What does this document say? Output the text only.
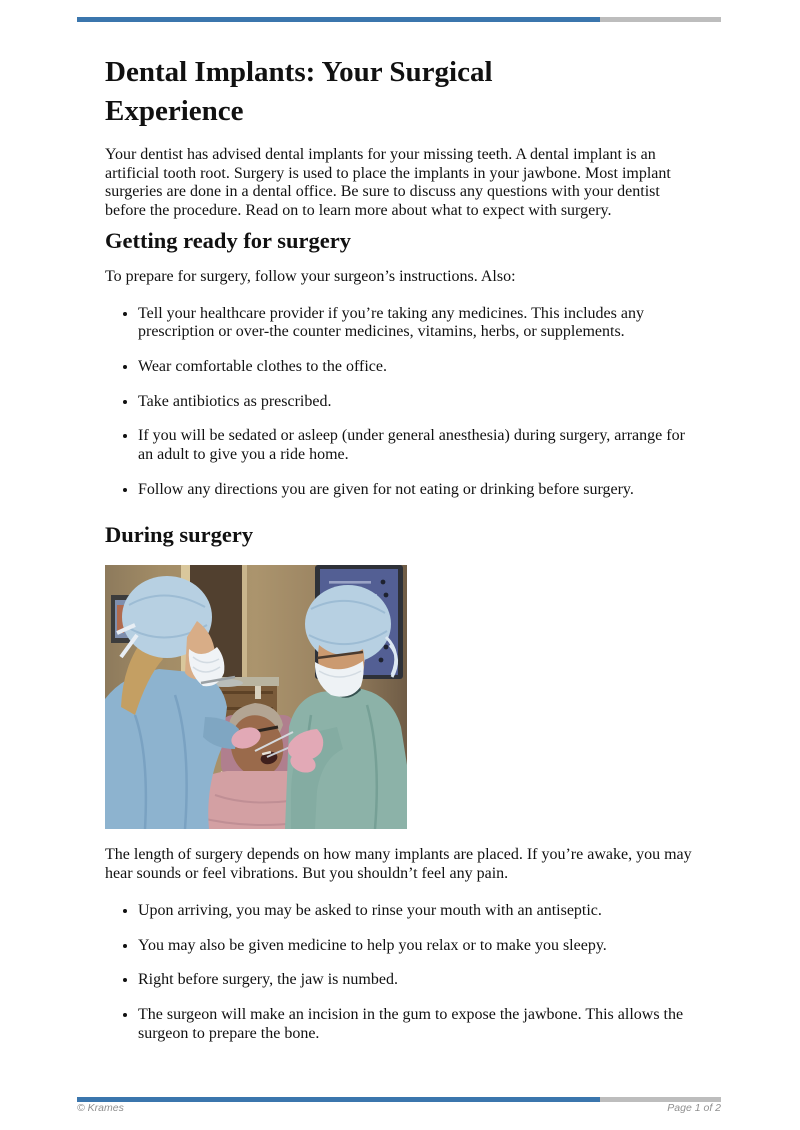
Dental Implants: Your Surgical Experience

Your dentist has advised dental implants for your missing teeth. A dental implant is an artificial tooth root. Surgery is used to place the implants in your jawbone. Most implant surgeries are done in a dental office. Be sure to discuss any questions with your dentist before the procedure. Read on to learn more about what to expect with surgery.

Getting ready for surgery

To prepare for surgery, follow your surgeon’s instructions. Also:

• Tell your healthcare provider if you’re taking any medicines. This includes any prescription or over-the counter medicines, vitamins, herbs, or supplements.
• Wear comfortable clothes to the office.
• Take antibiotics as prescribed.
• If you will be sedated or asleep (under general anesthesia) during surgery, arrange for an adult to give you a ride home.
• Follow any directions you are given for not eating or drinking before surgery.
During surgery

The length of surgery depends on how many implants are placed. If you’re awake, you may hear sounds or feel vibrations. But you shouldn’t feel any pain.

• Upon arriving, you may be asked to rinse your mouth with an antiseptic.
• You may also be given medicine to help you relax or to make you sleepy.
• Right before surgery, the jaw is numbed.
• The surgeon will make an incision in the gum to expose the jawbone. This allows the surgeon to prepare the bone.
© Krames	Page 1 of 2
